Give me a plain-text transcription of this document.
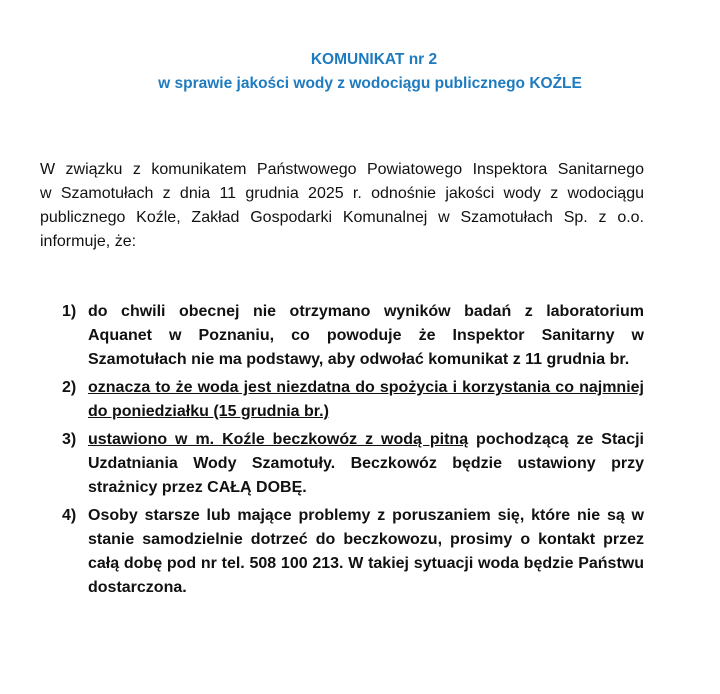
KOMUNIKAT nr 2
w sprawie jakości wody z wodociągu publicznego KOŹLE
W związku z komunikatem Państwowego Powiatowego Inspektora Sanitarnego
w Szamotułach z dnia 11 grudnia 2025 r. odnośnie jakości wody z wodociągu
publicznego Koźle, Zakład Gospodarki Komunalnej w Szamotułach Sp. z o.o.
informuje, że:
1) do chwili obecnej nie otrzymano wyników badań z laboratorium
Aquanet w Poznaniu, co powoduje że Inspektor Sanitarny w
Szamotułach nie ma podstawy, aby odwołać komunikat z 11 grudnia br.
2) oznacza to że woda jest niezdatna do spożycia i korzystania co najmniej
do poniedziałku (15 grudnia br.)
3) ustawiono w m. Koźle beczkowóz z wodą pitną pochodzącą ze Stacji
Uzdatniania Wody Szamotuły. Beczkowóz będzie ustawiony przy
strażnicy przez CAŁĄ DOBĘ.
4) Osoby starsze lub mające problemy z poruszaniem się, które nie są w
stanie samodzielnie dotrzeć do beczkowozu, prosimy o kontakt przez
całą dobę pod nr tel. 508 100 213. W takiej sytuacji woda będzie Państwu
dostarczona.
